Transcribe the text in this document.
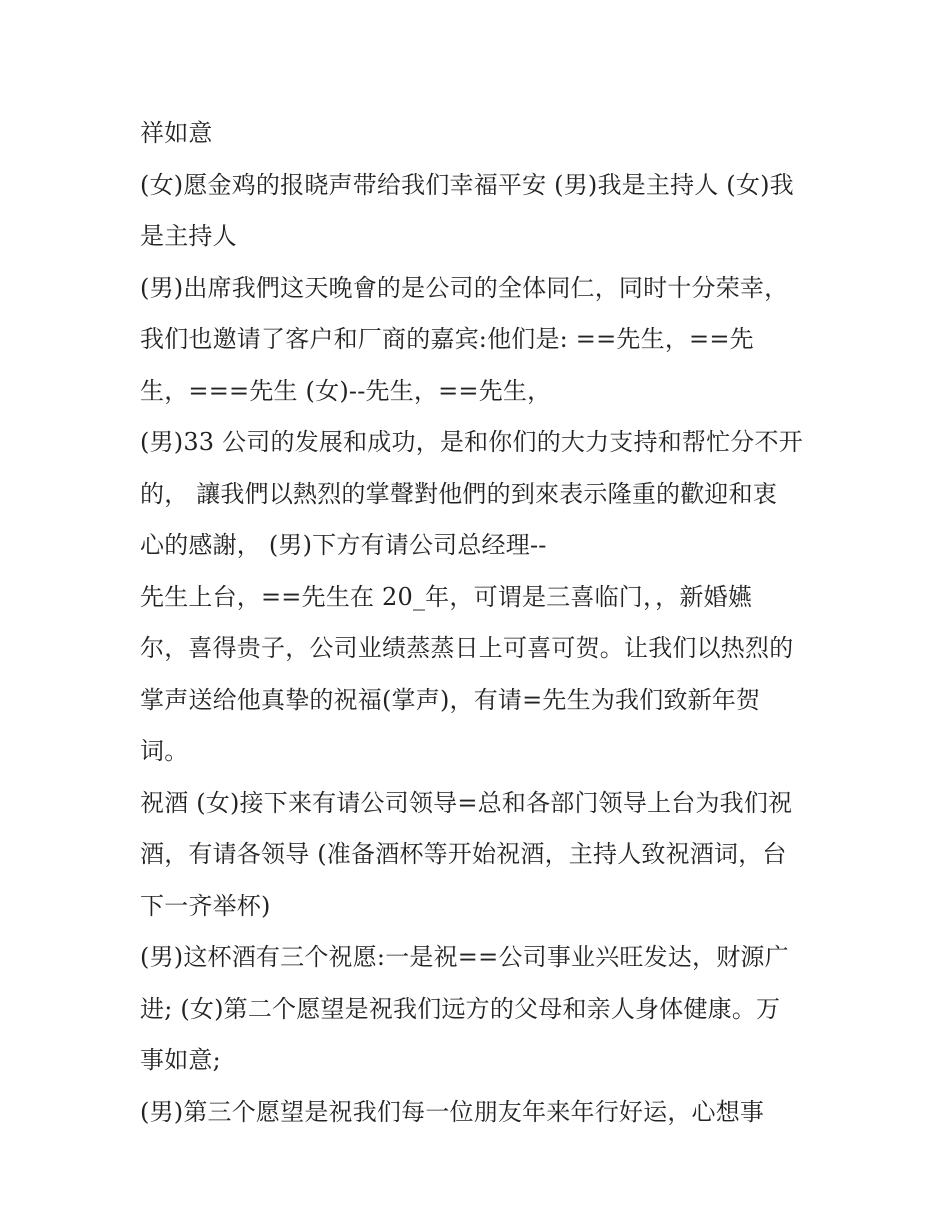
祥如意
(女)愿金鸡的报晓声带给我们幸福平安 (男)我是主持人 (女)我
是主持人
(男)出席我們这天晚會的是公司的全体同仁，同时十分荣幸，
我们也邀请了客户和厂商的嘉宾:他们是: ==先生，==先
生，===先生 (女)--先生，==先生，
(男)33 公司的发展和成功，是和你们的大力支持和帮忙分不开
的， 讓我們以熱烈的掌聲對他們的到來表示隆重的歡迎和衷
心的感謝， (男)下方有请公司总经理--
先生上台，==先生在 20_年，可谓是三喜临门，，新婚嬿
尔，喜得贵子，公司业绩蒸蒸日上可喜可贺。让我们以热烈的
掌声送给他真挚的祝福(掌声)，有请=先生为我们致新年贺
词。
祝酒 (女)接下来有请公司领导=总和各部门领导上台为我们祝
酒，有请各领导 (准备酒杯等开始祝酒，主持人致祝酒词，台
下一齐举杯)
(男)这杯酒有三个祝愿:一是祝==公司事业兴旺发达，财源广
进; (女)第二个愿望是祝我们远方的父母和亲人身体健康。万
事如意;
(男)第三个愿望是祝我们每一位朋友年来年行好运，心想事
